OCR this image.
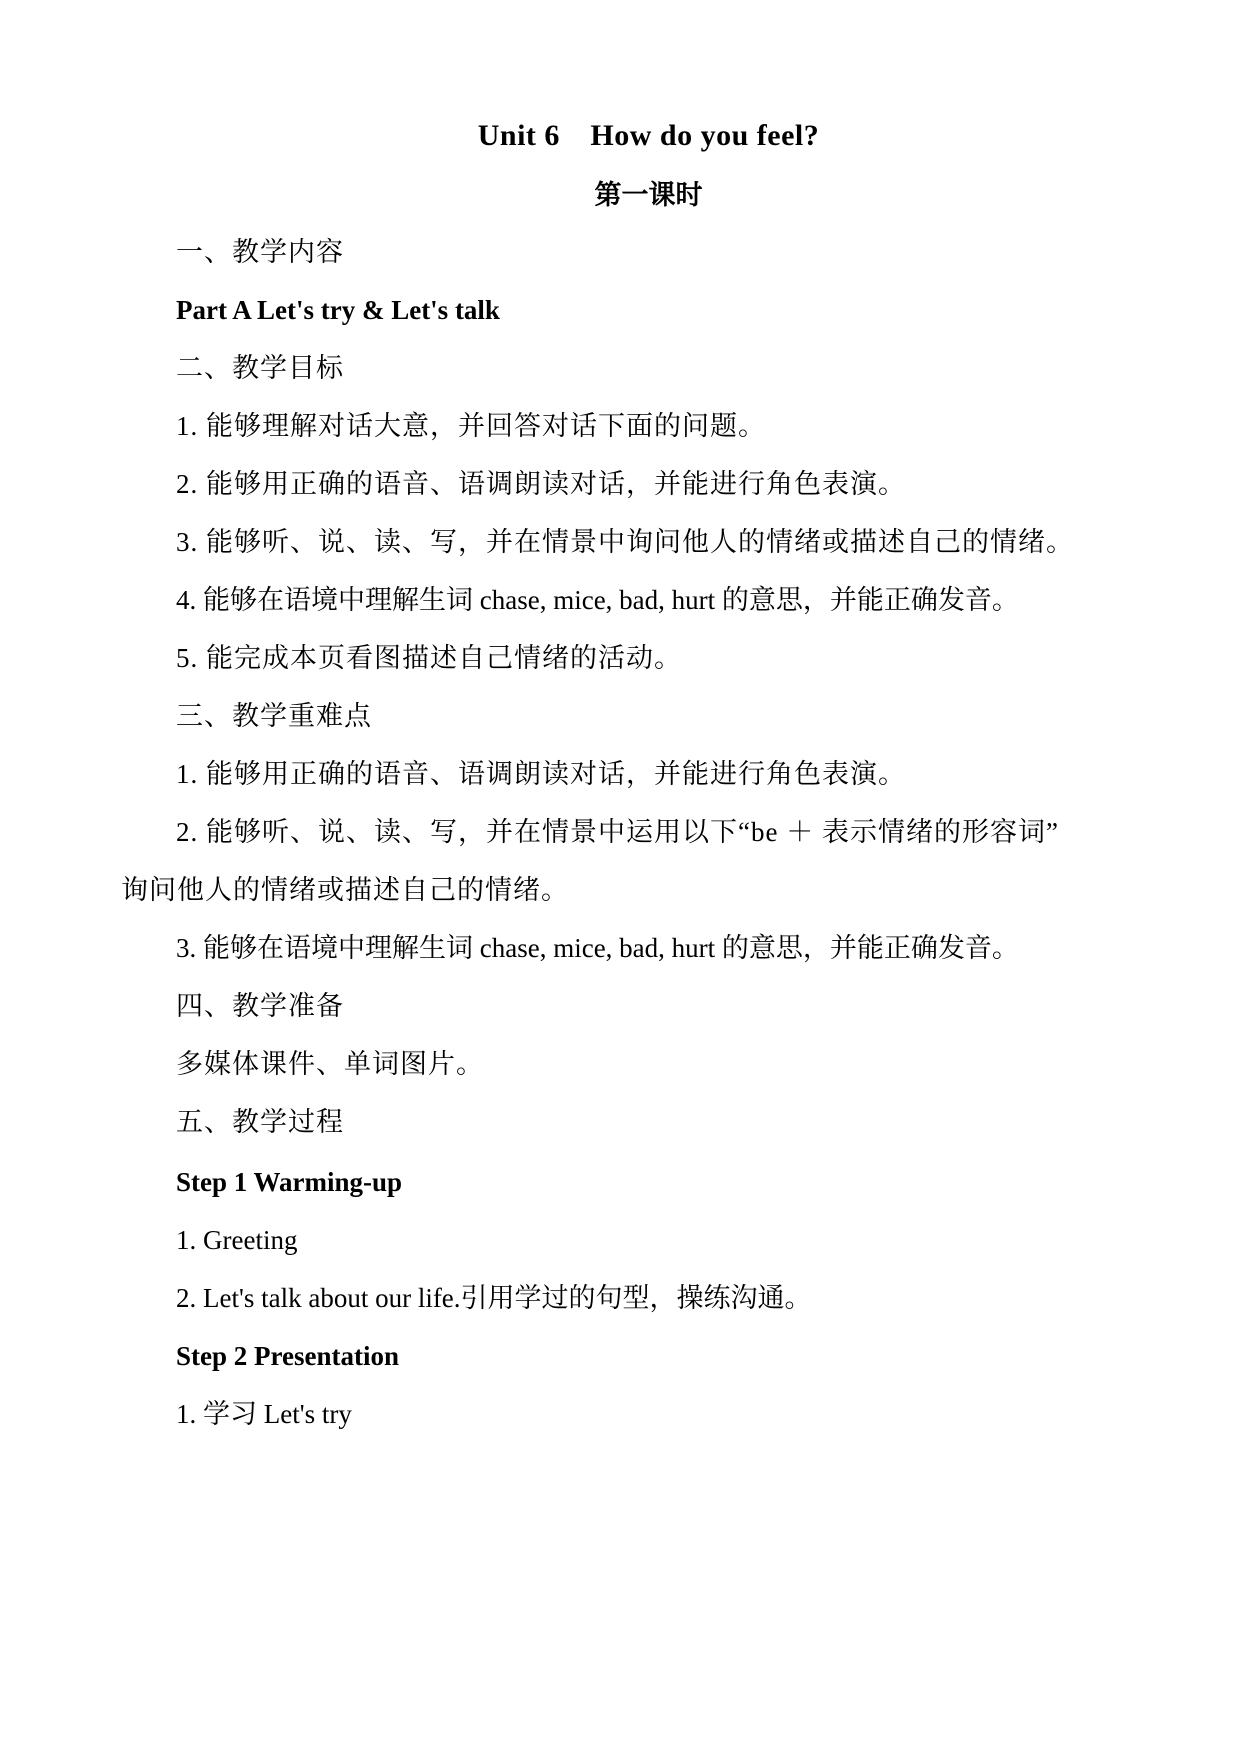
Unit 6　How do you feel?
第一课时
一、教学内容
Part A Let's try & Let's talk
二、教学目标
1. 能够理解对话大意，并回答对话下面的问题。
2. 能够用正确的语音、语调朗读对话，并能进行角色表演。
3. 能够听、说、读、写，并在情景中询问他人的情绪或描述自己的情绪。
4. 能够在语境中理解生词 chase, mice, bad, hurt 的意思，并能正确发音。
5. 能完成本页看图描述自己情绪的活动。
三、教学重难点
1. 能够用正确的语音、语调朗读对话，并能进行角色表演。
2. 能够听、说、读、写，并在情景中运用以下“be ＋ 表示情绪的形容词”
询问他人的情绪或描述自己的情绪。
3. 能够在语境中理解生词 chase, mice, bad, hurt 的意思，并能正确发音。
四、教学准备
多媒体课件、单词图片。
五、教学过程
Step 1 Warming-up
1. Greeting
2. Let's talk about our life.引用学过的句型，操练沟通。
Step 2 Presentation
1. 学习 Let's try
